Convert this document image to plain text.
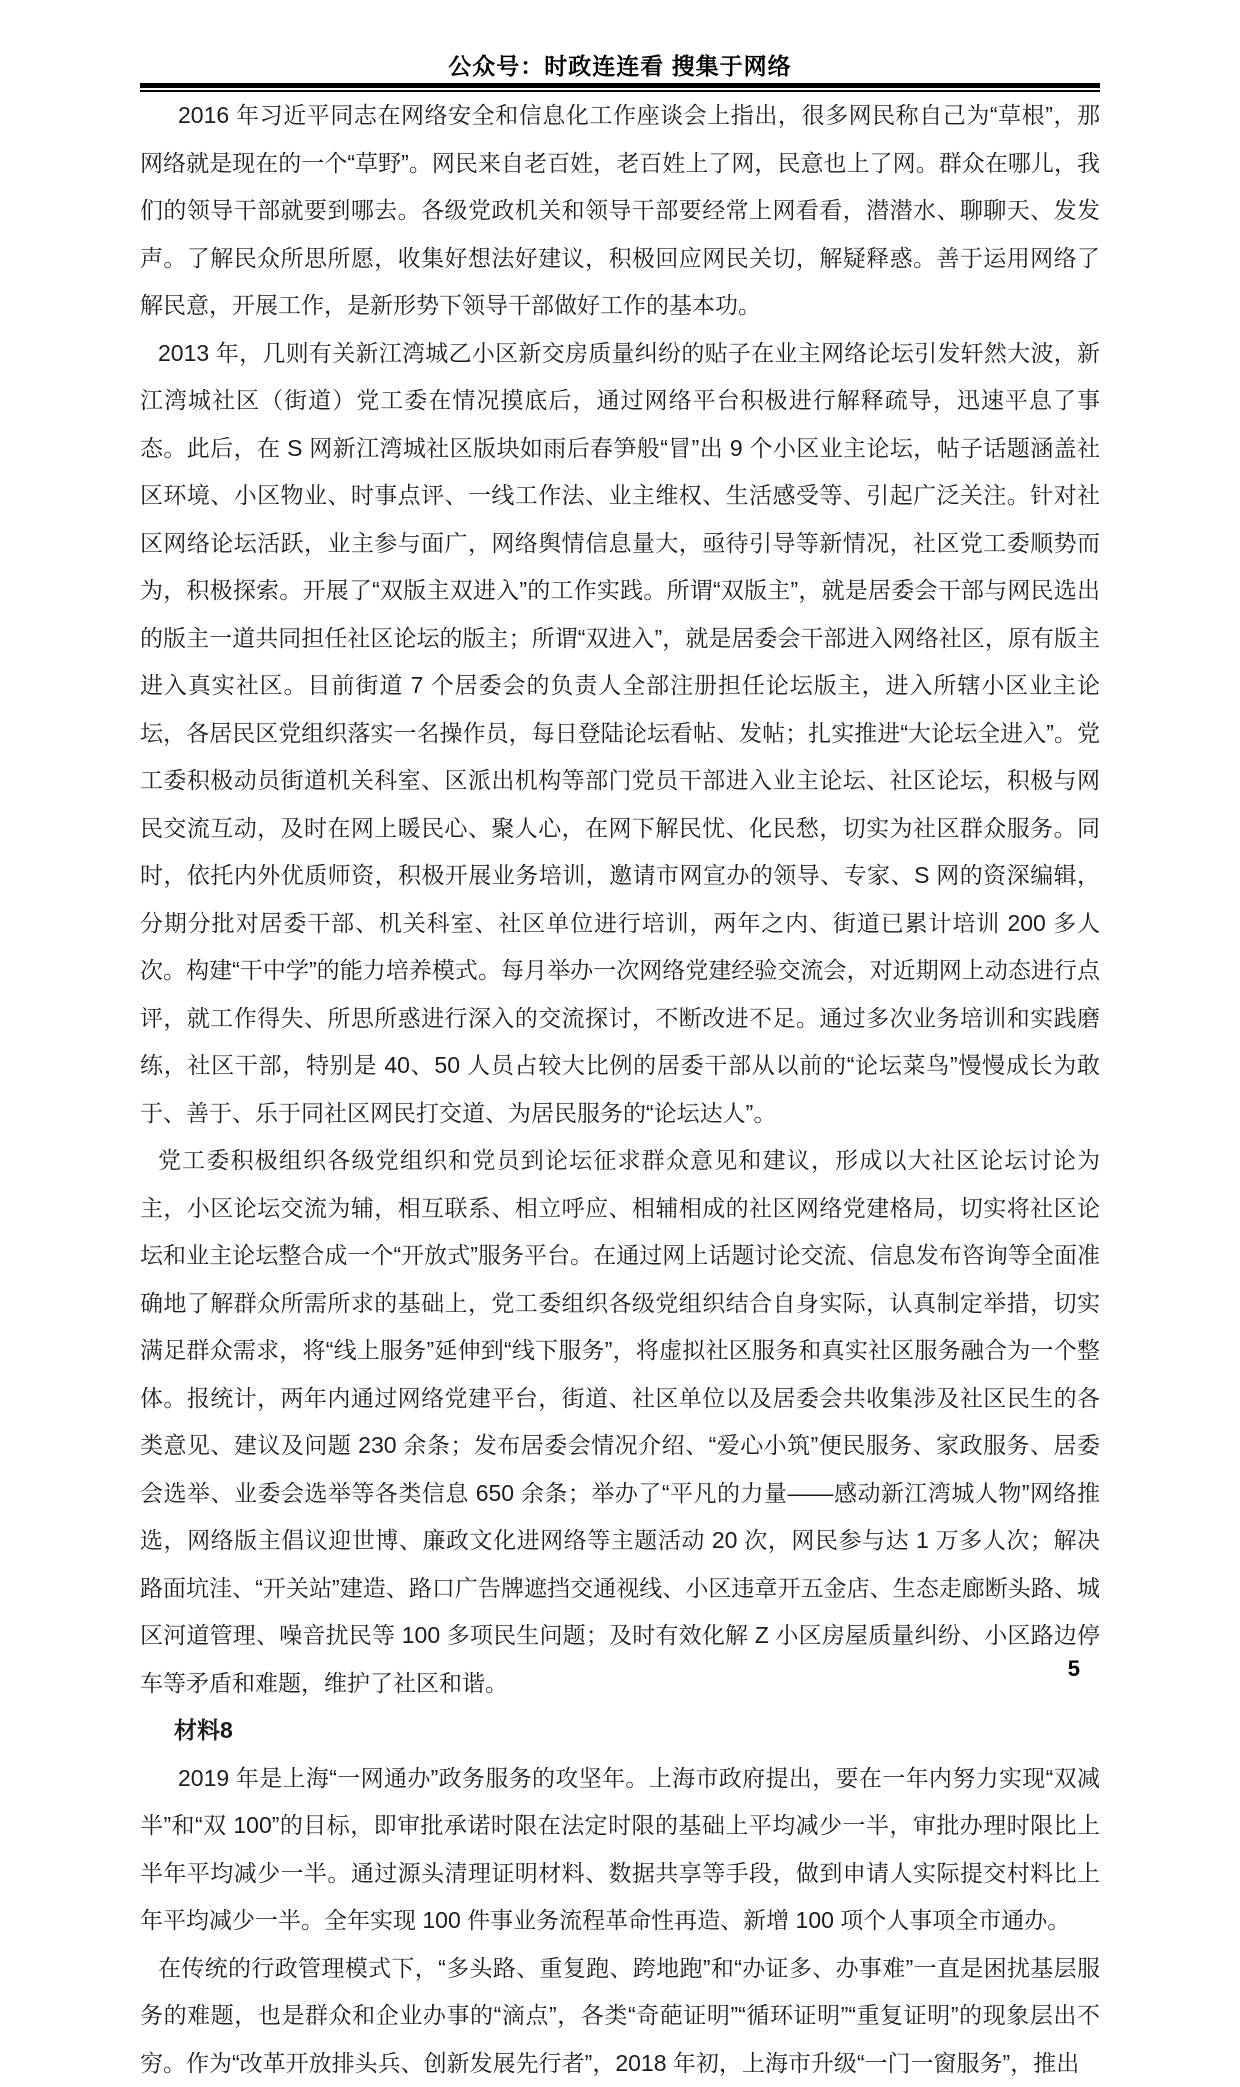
公众号：时政连连看 搜集于网络

2016 年习近平同志在网络安全和信息化工作座谈会上指出，很多网民称自己为“草根”，那网络就是现在的一个“草野”。网民来自老百姓，老百姓上了网，民意也上了网。群众在哪儿，我们的领导干部就要到哪去。各级党政机关和领导干部要经常上网看看，潜潜水、聊聊天、发发声。了解民众所思所愿，收集好想法好建议，积极回应网民关切，解疑释惑。善于运用网络了解民意，开展工作，是新形势下领导干部做好工作的基本功。

2013 年，几则有关新江湾城乙小区新交房质量纠纷的贴子在业主网络论坛引发轩然大波，新江湾城社区（街道）党工委在情况摸底后，通过网络平台积极进行解释疏导，迅速平息了事态。此后，在 S 网新江湾城社区版块如雨后春笋般“冒”出 9 个小区业主论坛，帖子话题涵盖社区环境、小区物业、时事点评、一线工作法、业主维权、生活感受等、引起广泛关注。针对社区网络论坛活跃，业主参与面广，网络舆情信息量大，亟待引导等新情况，社区党工委顺势而为，积极探索。开展了“双版主双进入”的工作实践。所谓“双版主”，就是居委会干部与网民选出的版主一道共同担任社区论坛的版主；所谓“双进入”，就是居委会干部进入网络社区，原有版主进入真实社区。目前街道 7 个居委会的负责人全部注册担任论坛版主，进入所辖小区业主论坛，各居民区党组织落实一名操作员，每日登陆论坛看帖、发帖；扎实推进“大论坛全进入”。党工委积极动员街道机关科室、区派出机构等部门党员干部进入业主论坛、社区论坛，积极与网民交流互动，及时在网上暖民心、聚人心，在网下解民忧、化民愁，切实为社区群众服务。同时，依托内外优质师资，积极开展业务培训，邀请市网宣办的领导、专家、S 网的资深编辑，分期分批对居委干部、机关科室、社区单位进行培训，两年之内、街道已累计培训 200 多人次。构建“干中学”的能力培养模式。每月举办一次网络党建经验交流会，对近期网上动态进行点评，就工作得失、所思所惑进行深入的交流探讨，不断改进不足。通过多次业务培训和实践磨练，社区干部，特别是 40、50 人员占较大比例的居委干部从以前的“论坛菜鸟”慢慢成长为敢于、善于、乐于同社区网民打交道、为居民服务的“论坛达人”。

党工委积极组织各级党组织和党员到论坛征求群众意见和建议，形成以大社区论坛讨论为主，小区论坛交流为辅，相互联系、相立呼应、相辅相成的社区网络党建格局，切实将社区论坛和业主论坛整合成一个“开放式”服务平台。在通过网上话题讨论交流、信息发布咨询等全面准确地了解群众所需所求的基础上，党工委组织各级党组织结合自身实际，认真制定举措，切实满足群众需求，将“线上服务”延伸到“线下服务”，将虚拟社区服务和真实社区服务融合为一个整体。报统计，两年内通过网络党建平台，街道、社区单位以及居委会共收集涉及社区民生的各类意见、建议及问题 230 余条；发布居委会情况介绍、“爱心小筑”便民服务、家政服务、居委会选举、业委会选举等各类信息 650 余条；举办了“平凡的力量——感动新江湾城人物”网络推选，网络版主倡议迎世博、廉政文化进网络等主题活动 20 次，网民参与达 1 万多人次；解决路面坑洼、“开关站”建造、路口广告牌遮挡交通视线、小区违章开五金店、生态走廊断头路、城区河道管理、噪音扰民等 100 多项民生问题；及时有效化解 Z 小区房屋质量纠纷、小区路边停车等矛盾和难题，维护了社区和谐。

材料8

2019 年是上海“一网通办”政务服务的攻坚年。上海市政府提出，要在一年内努力实现“双减半”和“双 100”的目标，即审批承诺时限在法定时限的基础上平均减少一半，审批办理时限比上半年平均减少一半。通过源头清理证明材料、数据共享等手段，做到申请人实际提交村料比上年平均减少一半。全年实现 100 件事业务流程革命性再造、新增 100 项个人事项全市通办。

在传统的行政管理模式下，“多头路、重复跑、跨地跑”和“办证多、办事难”一直是困扰基层服务的难题，也是群众和企业办事的“滴点”，各类“奇葩证明”“循环证明”“重复证明”的现象层出不穷。作为“改革开放排头兵、创新发展先行者”，2018 年初，上海市升级“一门一窗服务”，推出

5
